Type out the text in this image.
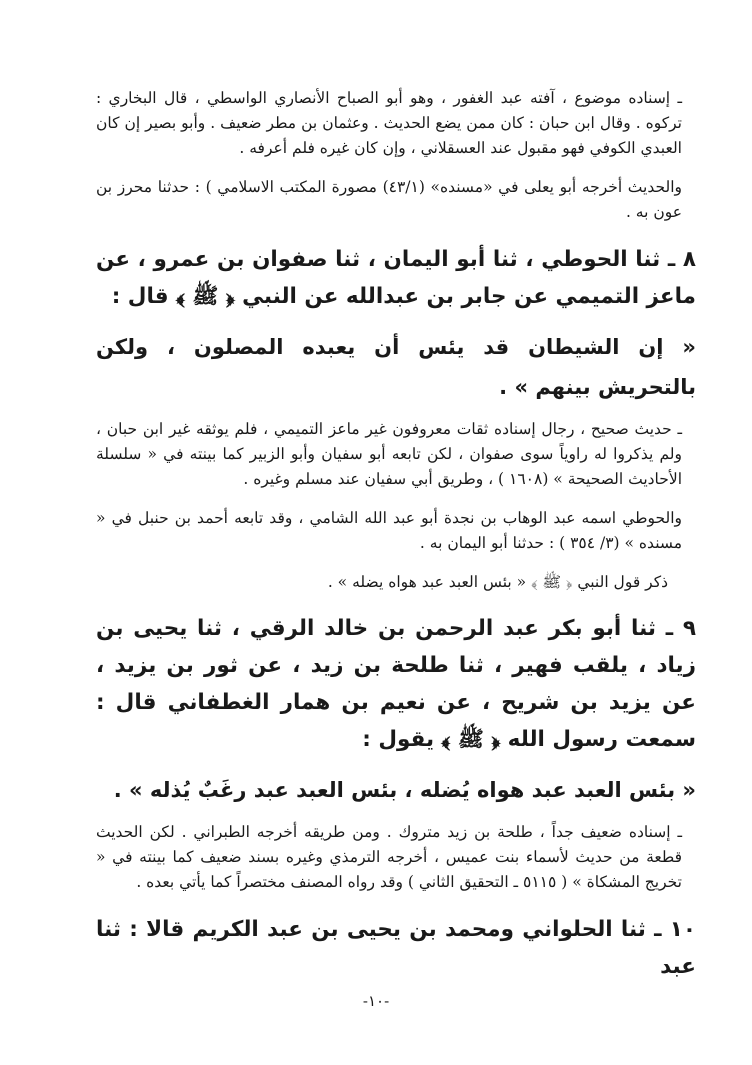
ـ إسناده موضوع ، آفته عبد الغفور ، وهو أبو الصباح الأنصاري الواسطي ، قال البخاري : تركوه . وقال ابن حبان : كان ممن يضع الحديث . وعثمان بن مطر ضعيف . وأبو بصير إن كان العبدي الكوفي فهو مقبول عند العسقلاني ، وإن كان غيره فلم أعرفه .

والحديث أخرجه أبو يعلى في «مسنده» (٤٣/١) مصورة المكتب الاسلامي ) : حدثنا محرز بن عون به .

٨ ـ ثنا الحوطي ، ثنا أبو اليمان ، ثنا صفوان بن عمرو ، عن ماعز التميمي عن جابر بن عبدالله عن النبي ﴿ ﷺ ﴾ قال :

« إن الشيطان قد يئس أن يعبده المصلون ، ولكن بالتحريش بينهم » .

ـ حديث صحيح ، رجال إسناده ثقات معروفون غير ماعز التميمي ، فلم يوثقه غير ابن حبان ، ولم يذكروا له راوياً سوى صفوان ، لكن تابعه أبو سفيان وأبو الزبير كما بينته في « سلسلة الأحاديث الصحيحة » (١٦٠٨ ) ، وطريق أبي سفيان عند مسلم وغيره .

والحوطي اسمه عبد الوهاب بن نجدة أبو عبد الله الشامي ، وقد تابعه أحمد بن حنبل في « مسنده » (٣/ ٣٥٤ ) : حدثنا أبو اليمان به .

ذكر قول النبي ﴿ ﷺ ﴾ « بئس العبد عبد هواه يضله » .

٩ ـ ثنا أبو بكر عبد الرحمن بن خالد الرقي ، ثنا يحيى بن زياد ، يلقب فهير ، ثنا طلحة بن زيد ، عن ثور بن يزيد ، عن يزيد بن شريح ، عن نعيم بن همار الغطفاني قال : سمعت رسول الله ﴿ ﷺ ﴾ يقول :

« بئس العبد عبد هواه يُضله ، بئس العبد عبد رغَبٌ يُذله » .

ـ إسناده ضعيف جداً ، طلحة بن زيد متروك . ومن طريقه أخرجه الطبراني . لكن الحديث قطعة من حديث لأسماء بنت عميس ، أخرجه الترمذي وغيره بسند ضعيف كما بينته في « تخريج المشكاة » ( ٥١١٥ ـ التحقيق الثاني ) وقد رواه المصنف مختصراً كما يأتي بعده .

١٠ ـ ثنا الحلواني ومحمد بن يحيى بن عبد الكريم قالا : ثنا عبد

-١٠-
